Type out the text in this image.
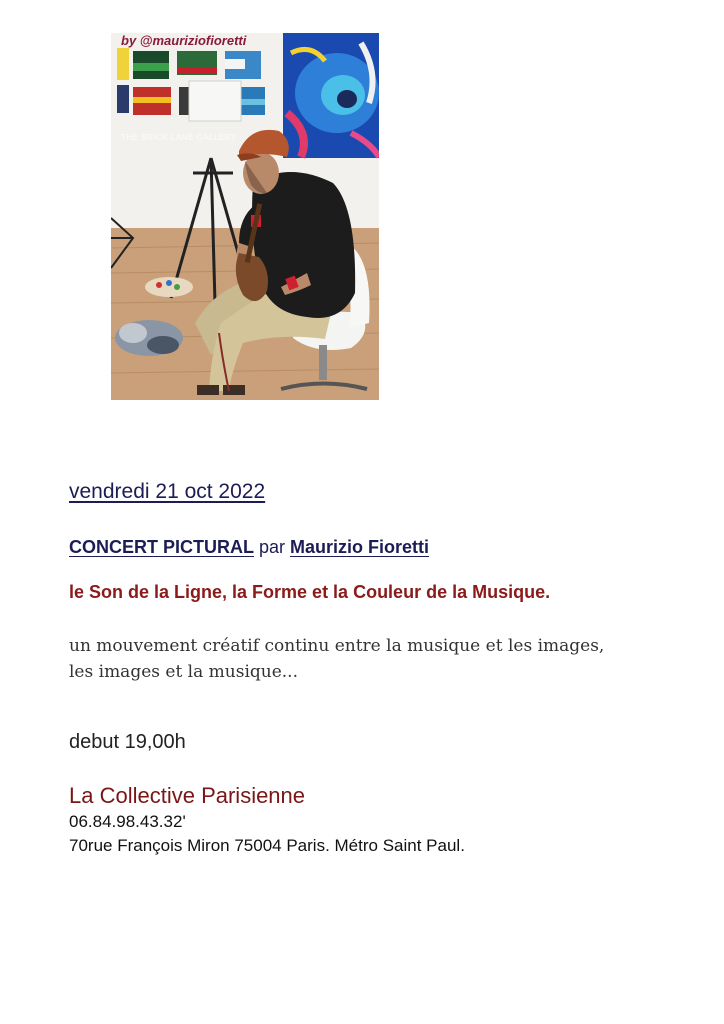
by @mauriziofioretti
THE BRICK LANE GALLERY
vendredi 21 oct 2022
CONCERT PICTURAL par Maurizio Fioretti
le Son de la Ligne, la Forme et la Couleur de la Musique.
un mouvement créatif continu entre la musique et les images,
les images et la musique...
debut 19,00h
La Collective Parisienne
06.84.98.43.32'
70rue François Miron 75004 Paris. Métro Saint Paul.
